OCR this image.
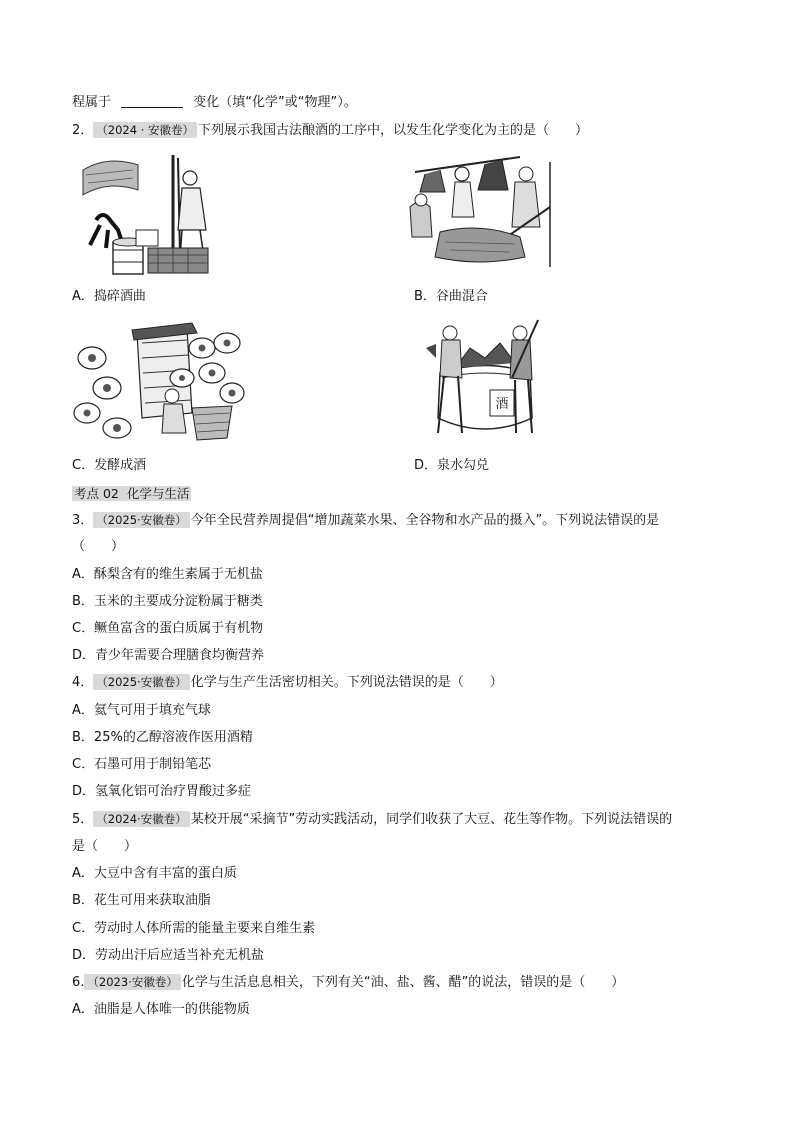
程属于	变化（填“化学”或“物理”）。
2． （2024 · 安徽卷） 下列展示我国古法酿酒的工序中，以发生化学变化为主的是（　　）
A．捣碎酒曲	B．谷曲混合
酒
C．发酵成酒	D．泉水勾兑
考点 02 化学与生活
3． （2025·安徽卷） 今年全民营养周提倡“增加蔬菜水果、全谷物和水产品的摄入”。下列说法错误的是
（　　）
A．酥梨含有的维生素属于无机盐
B．玉米的主要成分淀粉属于糖类
C．鳜鱼富含的蛋白质属于有机物
D．青少年需要合理膳食均衡营养
4． （2025·安徽卷） 化学与生产生活密切相关。下列说法错误的是（　　）
A．氦气可用于填充气球
B．25%的乙醇溶液作医用酒精
C．石墨可用于制铅笔芯
D．氢氧化铝可治疗胃酸过多症
5． （2024·安徽卷） 某校开展“采摘节”劳动实践活动，同学们收获了大豆、花生等作物。下列说法错误的
是（　　）
A．大豆中含有丰富的蛋白质
B．花生可用来获取油脂
C．劳动时人体所需的能量主要来自维生素
D．劳动出汗后应适当补充无机盐
6. （2023·安徽卷） 化学与生活息息相关，下列有关“油、盐、酱、醋”的说法，错误的是（　　）
A．油脂是人体唯一的供能物质
